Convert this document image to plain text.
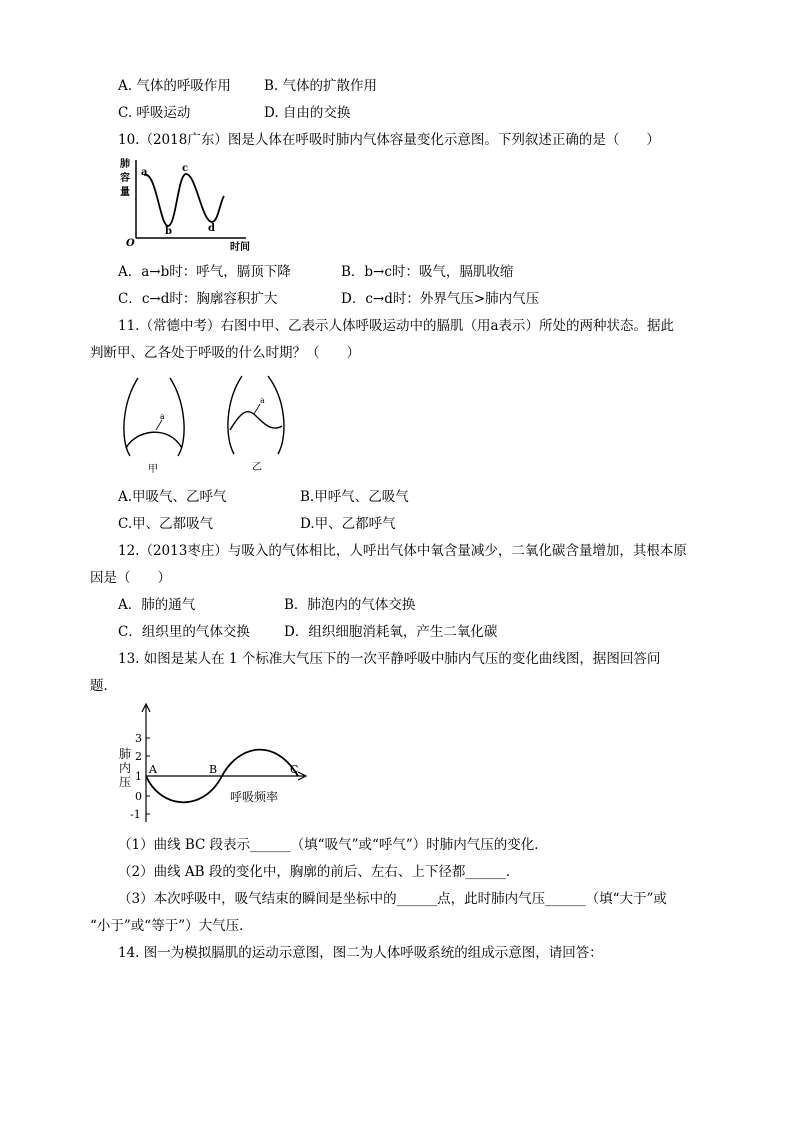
A. 气体的呼吸作用 B. 气体的扩散作用
C. 呼吸运动	D. 自由的交换
10.（2018广东）图是人体在呼吸时肺内气体容量变化示意图。下列叙述正确的是（　　）
肺
容
量
a
b
c
d
O	时间
A．a→b时：呼气，膈顶下降	B．b→c时：吸气，膈肌收缩
C．c→d时：胸廓容积扩大	D．c→d时：外界气压>肺内气压
11.（常德中考）右图中甲、乙表示人体呼吸运动中的膈肌（用a表示）所处的两种状态。据此
判断甲、乙各处于呼吸的什么时期？（　　）
a
甲
a
乙
A.甲吸气、乙呼气	B.甲呼气、乙吸气
C.甲、乙都吸气	D.甲、乙都呼气
12.（2013枣庄）与吸入的气体相比，人呼出气体中氧含量减少，二氧化碳含量增加，其根本原
因是（　　）
A．肺的通气	B．肺泡内的气体交换
C．组织里的气体交换	D．组织细胞消耗氧，产生二氧化碳
13. 如图是某人在 1 个标准大气压下的一次平静呼吸中肺内气压的变化曲线图，据图回答问
题．
3
2
1
0
-1
肺
内
压
A	B	C
呼吸频率
（1）曲线 BC 段表示______（填“吸气”或“呼气”）时肺内气压的变化．
（2）曲线 AB 段的变化中，胸廓的前后、左右、上下径都______．
（3）本次呼吸中，吸气结束的瞬间是坐标中的______点，此时肺内气压______（填“大于”或
“小于”或“等于”）大气压．
14. 图一为模拟膈肌的运动示意图，图二为人体呼吸系统的组成示意图，请回答：
